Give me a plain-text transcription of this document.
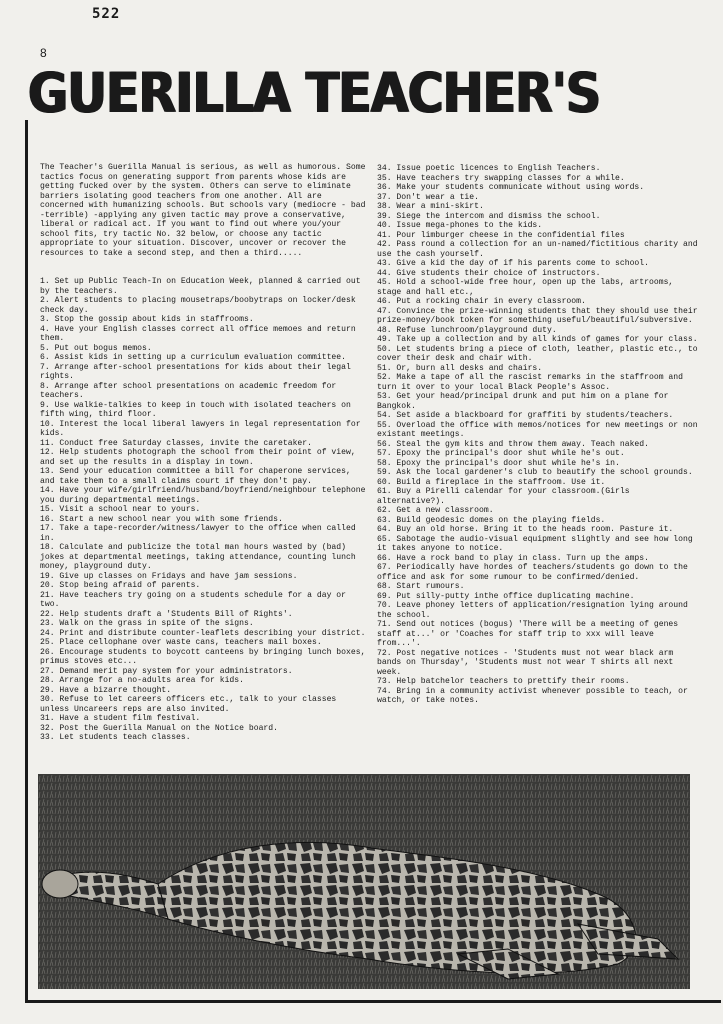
522
8
GUERILLA TEACHER'S

The Teacher's Guerilla Manual is serious, as well as humorous. Some tactics focus on generating support from parents whose kids are getting fucked over by the system. Others can serve to eliminate barriers isolating good teachers from one another. All are concerned with humanizing schools. But schools vary (mediocre - bad -terrible) -applying any given tactic may prove a conservative, liberal or radical act. If you want to find out where you/your school fits, try tactic No. 32 below, or choose any tactic appropriate to your situation. Discover, uncover or recover the resources to take a second step, and then a third.....

1. Set up Public Teach-In on Education Week, planned & carried out by the teachers.

2. Alert students to placing mousetraps/boobytraps on locker/desk check day.

3. Stop the gossip about kids in staffrooms.

4. Have your English classes correct all office memoes and return them.

5. Put out bogus memos.

6. Assist kids in setting up a curriculum evaluation committee.

7. Arrange after-school presentations for kids about their legal rights.

8. Arrange after school presentations on academic freedom for teachers.

9. Use walkie-talkies to keep in touch with isolated teachers on fifth wing, third floor.

10. Interest the local liberal lawyers in legal representation for kids.

11. Conduct free Saturday classes, invite the caretaker.

12. Help students photograph the school from their point of view, and set up the results in a display in town.

13. Send your education committee a bill for chaperone services, and take them to a small claims court if they don't pay.

14. Have your wife/girlfriend/husband/boyfriend/neighbour telephone you during departmental meetings.

15. Visit a school near to yours.

16. Start a new school near you with some friends.

17. Take a tape-recorder/witness/lawyer to the office when called in.

18. Calculate and publicize the total man hours wasted by (bad) jokes at departmental meetings, taking attendance, counting lunch money, playground duty.

19. Give up classes on Fridays and have jam sessions.

20. Stop being afraid of parents.

21. Have teachers try going on a students schedule for a day or two.

22. Help students draft a 'Students Bill of Rights'.

23. Walk on the grass in spite of the signs.

24. Print and distribute counter-leaflets describing your district.

25. Place cellophane over waste cans, teachers mail boxes.

26. Encourage students to boycott canteens by bringing lunch boxes, primus stoves etc...

27. Demand merit pay system for your administrators.

28. Arrange for a no-adults area for kids.

29. Have a bizarre thought.

30. Refuse to let careers officers etc., talk to your classes unless Uncareers reps are also invited.

31. Have a student film festival.

32. Post the Guerilla Manual on the Notice board.

33. Let students teach classes.

34. Issue poetic licences to English Teachers.

35. Have teachers try swapping classes for a while.

36. Make your students communicate without using words.

37. Don't wear a tie.

38. Wear a mini-skirt.

39. Siege the intercom and dismiss the school.

40. Issue mega-phones to the kids.

41. Pour limburger cheese in the confidential files

42. Pass round a collection for an un-named/fictitious charity and use the cash yourself.

43. Give a kid the day of if his parents come to school.

44. Give students their choice of instructors.

45. Hold a school-wide free hour, open up the labs, artrooms, stage and hall etc.,

46. Put a rocking chair in every classroom.

47. Convince the prize-winning students that they should use their prize-money/book token for something useful/beautiful/subversive.

48. Refuse lunchroom/playground duty.

49. Take up a collection and by all kinds of games for your class.

50. Let students bring a piece of cloth, leather, plastic etc., to cover their desk and chair with.

51. Or, burn all desks and chairs.

52. Make a tape of all the rascist remarks in the staffroom and turn it over to your local Black People's Assoc.

53. Get your head/principal drunk and put him on a plane for Bangkok.

54. Set aside a blackboard for graffiti by students/teachers.

55. Overload the office with memos/notices for new meetings or non existant meetings.

56. Steal the gym kits and throw them away. Teach naked.

57. Epoxy the principal's door shut while he's out.

58. Epoxy the principal's door shut while he's in.

59. Ask the local gardener's club to beautify the school grounds.

60. Build a fireplace in the staffroom. Use it.

61. Buy a Pirelli calendar for your classroom.(Girls alternative?).

62. Get a new classroom.

63. Build geodesic domes on the playing fields.

64. Buy an old horse. Bring it to the heads room. Pasture it.

65. Sabotage the audio-visual equipment slightly and see how long it takes anyone to notice.

66. Have a rock band to play in class. Turn up the amps.

67. Periodically have hordes of teachers/students go down to the office and ask for some rumour to be confirmed/denied.

68. Start rumours.

69. Put silly-putty inthe office duplicating machine.

70. Leave phoney letters of application/resignation lying around the school.

71. Send out notices (bogus) 'There will be a meeting of genes staff at...' or 'Coaches for staff trip to xxx will leave from...'.

72. Post negative notices - 'Students must not wear black arm bands on Thursday', 'Students must not wear T shirts all next week.

73. Help batchelor teachers to prettify their rooms.

74. Bring in a community activist whenever possible to teach, or watch, or take notes.
